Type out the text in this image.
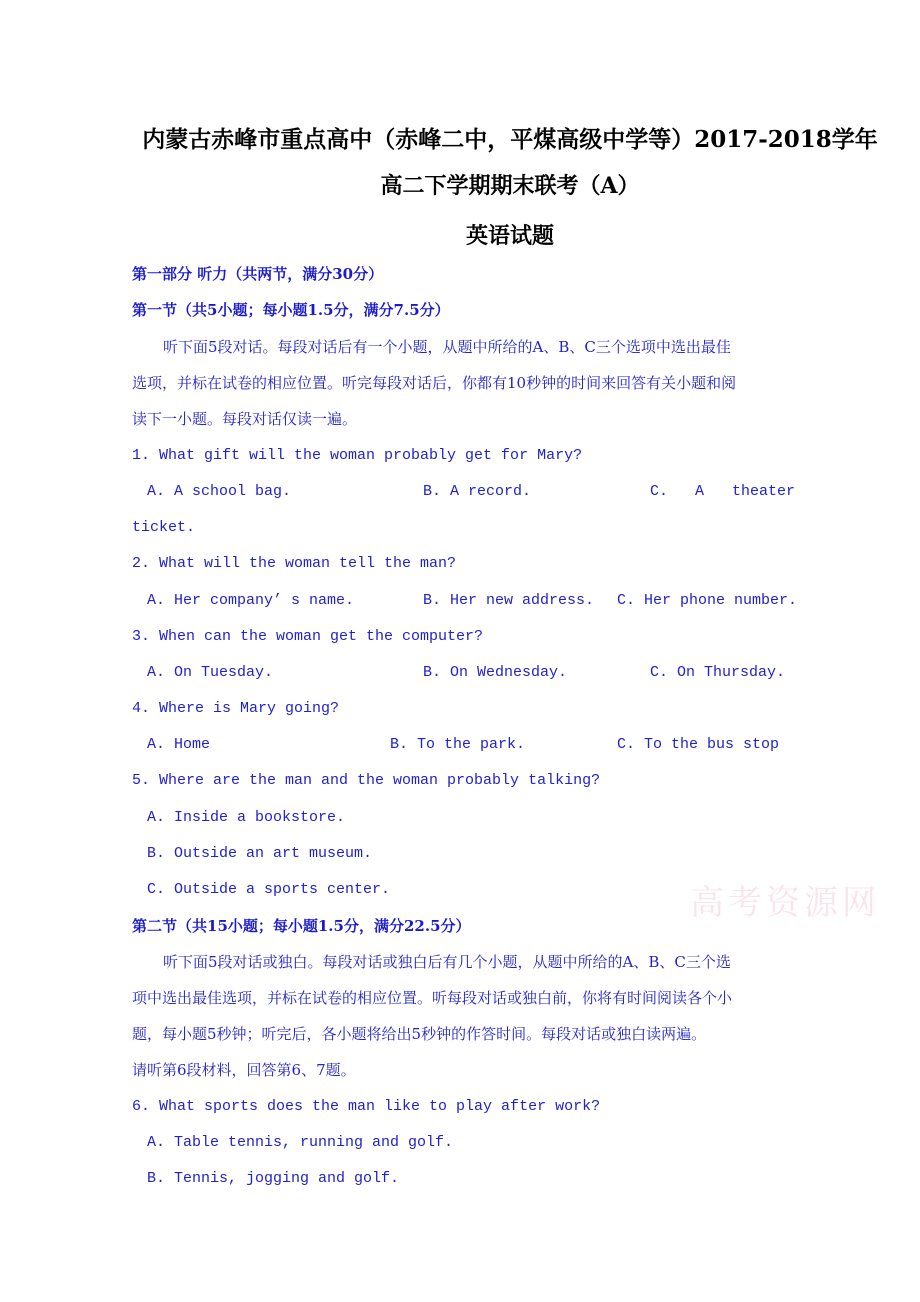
内蒙古赤峰市重点高中（赤峰二中，平煤高级中学等）2017-2018学年
高二下学期期末联考（A）
英语试题
第一部分 听力（共两节，满分30分）
第一节（共5小题；每小题1.5分，满分7.5分）
听下面5段对话。每段对话后有一个小题，从题中所给的A、B、C三个选项中选出最佳
选项，并标在试卷的相应位置。听完每段对话后，你都有10秒钟的时间来回答有关小题和阅
读下一小题。每段对话仅读一遍。
1. What gift will the woman probably get for Mary?
A. A school bag.	B. A record.	C. A theater
ticket.
2. What will the woman tell the man?
A. Her company’ s name.	B. Her new address. C. Her phone number.
3. When can the woman get the computer?
A. On Tuesday.	B. On Wednesday.	C. On Thursday.
4. Where is Mary going?
A. Home	B. To the park.	C. To the bus stop
5. Where are the man and the woman probably talking?
A. Inside a bookstore.
B. Outside an art museum.
C. Outside a sports center.	高考资源网
第二节（共15小题；每小题1.5分，满分22.5分）
听下面5段对话或独白。每段对话或独白后有几个小题，从题中所给的A、B、C三个选
项中选出最佳选项，并标在试卷的相应位置。听每段对话或独白前，你将有时间阅读各个小
题，每小题5秒钟；听完后，各小题将给出5秒钟的作答时间。每段对话或独白读两遍。
请听第6段材料，回答第6、7题。
6. What sports does the man like to play after work?
A. Table tennis, running and golf.
B. Tennis, jogging and golf.
